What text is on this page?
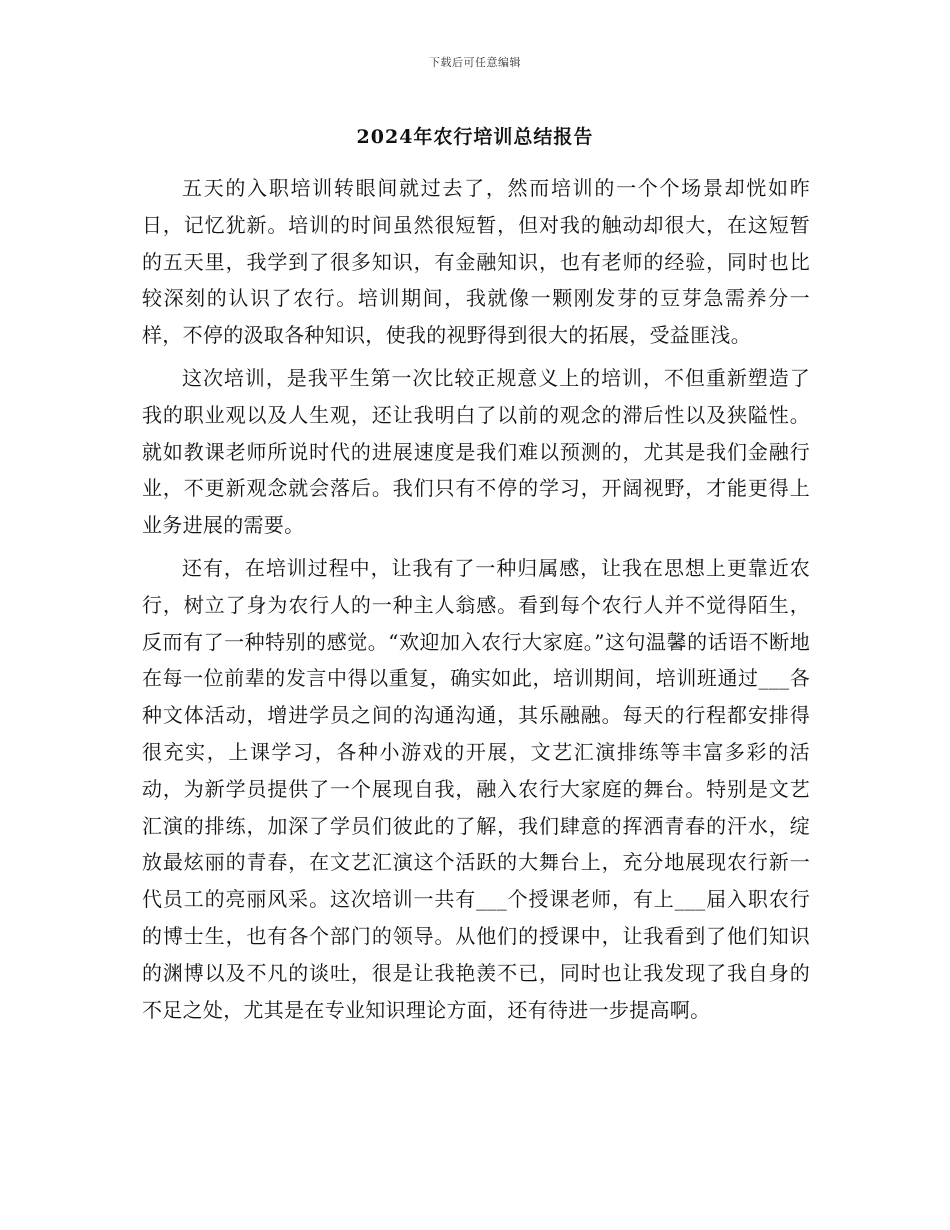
下载后可任意编辑
2024年农行培训总结报告

五天的入职培训转眼间就过去了，然而培训的一个个场景却恍如昨日，记忆犹新。培训的时间虽然很短暂，但对我的触动却很大，在这短暂的五天里，我学到了很多知识，有金融知识，也有老师的经验，同时也比较深刻的认识了农行。培训期间，我就像一颗刚发芽的豆芽急需养分一样，不停的汲取各种知识，使我的视野得到很大的拓展，受益匪浅。

这次培训，是我平生第一次比较正规意义上的培训，不但重新塑造了我的职业观以及人生观，还让我明白了以前的观念的滞后性以及狭隘性。就如教课老师所说时代的进展速度是我们难以预测的，尤其是我们金融行业，不更新观念就会落后。我们只有不停的学习，开阔视野，才能更得上业务进展的需要。

还有，在培训过程中，让我有了一种归属感，让我在思想上更靠近农行，树立了身为农行人的一种主人翁感。看到每个农行人并不觉得陌生，反而有了一种特别的感觉。“欢迎加入农行大家庭。”这句温馨的话语不断地在每一位前辈的发言中得以重复，确实如此，培训期间，培训班通过___各种文体活动，增进学员之间的沟通沟通，其乐融融。每天的行程都安排得很充实，上课学习，各种小游戏的开展，文艺汇演排练等丰富多彩的活动，为新学员提供了一个展现自我，融入农行大家庭的舞台。特别是文艺汇演的排练，加深了学员们彼此的了解，我们肆意的挥洒青春的汗水，绽放最炫丽的青春，在文艺汇演这个活跃的大舞台上，充分地展现农行新一代员工的亮丽风采。这次培训一共有___个授课老师，有上___届入职农行的博士生，也有各个部门的领导。从他们的授课中，让我看到了他们知识的渊博以及不凡的谈吐，很是让我艳羡不已，同时也让我发现了我自身的不足之处，尤其是在专业知识理论方面，还有待进一步提高啊。
